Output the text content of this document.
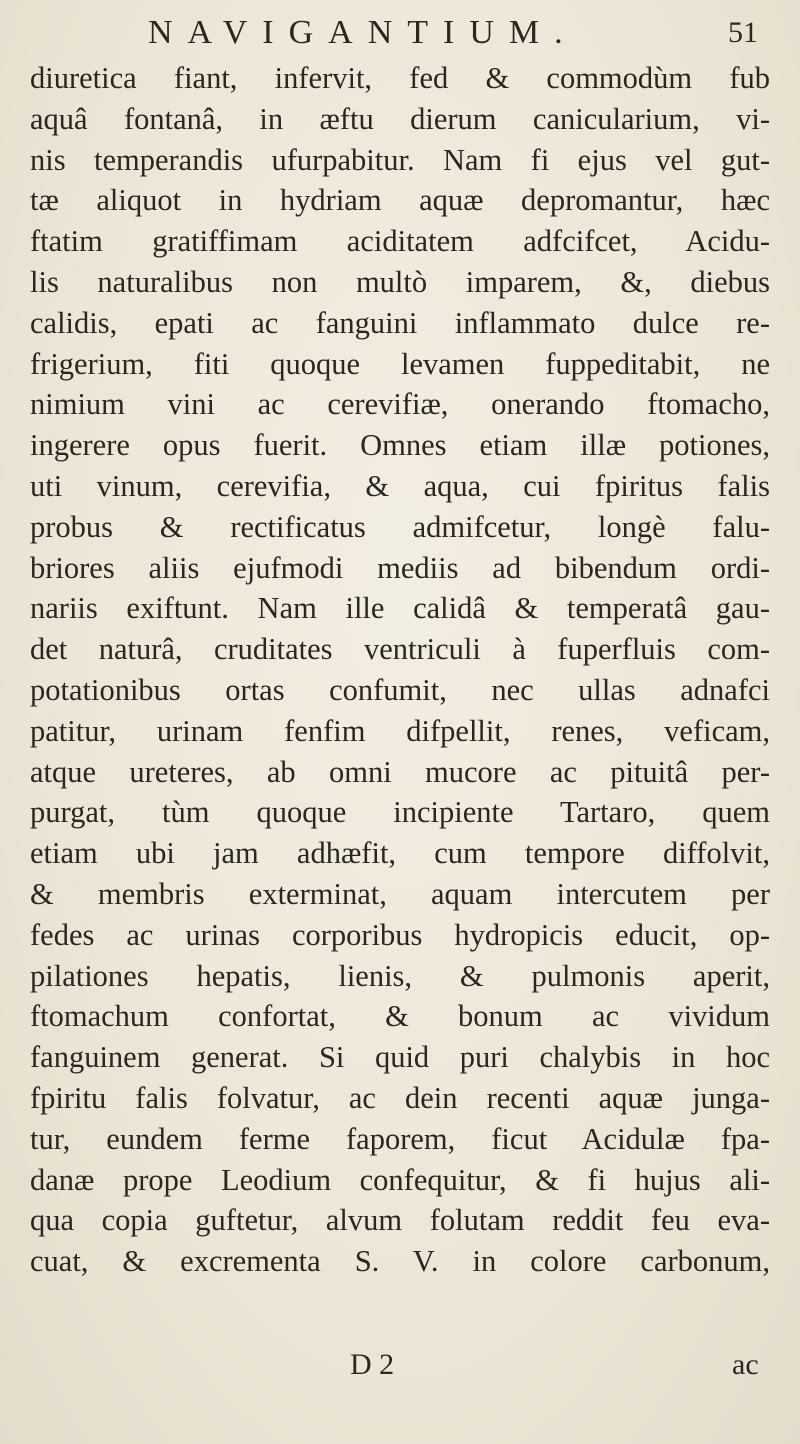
NAVIGANTIUM.	51
diuretica fiant, infervit, fed & commodùm fub
aquâ fontanâ, in æftu dierum canicularium, vi-
nis temperandis ufurpabitur. Nam fi ejus vel gut-
tæ aliquot in hydriam aquæ depromantur, hæc
ftatim gratiffimam aciditatem adfcifcet, Acidu-
lis naturalibus non multò imparem, &, diebus
calidis, epati ac fanguini inflammato dulce re-
frigerium, fiti quoque levamen fuppeditabit, ne
nimium vini ac cerevifiæ, onerando ftomacho,
ingerere opus fuerit. Omnes etiam illæ potiones,
uti vinum, cerevifia, & aqua, cui fpiritus falis
probus & rectificatus admifcetur, longè falu-
briores aliis ejufmodi mediis ad bibendum ordi-
nariis exiftunt. Nam ille calidâ & temperatâ gau-
det naturâ, cruditates ventriculi à fuperfluis com-
potationibus ortas confumit, nec ullas adnafci
patitur, urinam fenfim difpellit, renes, veficam,
atque ureteres, ab omni mucore ac pituitâ per-
purgat, tùm quoque incipiente Tartaro, quem
etiam ubi jam adhæfit, cum tempore diffolvit,
& membris exterminat, aquam intercutem per
fedes ac urinas corporibus hydropicis educit, op-
pilationes hepatis, lienis, & pulmonis aperit,
ftomachum confortat, & bonum ac vividum
fanguinem generat. Si quid puri chalybis in hoc
fpiritu falis folvatur, ac dein recenti aquæ junga-
tur, eundem ferme faporem, ficut Acidulæ fpa-
danæ prope Leodium confequitur, & fi hujus ali-
qua copia guftetur, alvum folutam reddit feu eva-
cuat, & excrementa S. V. in colore carbonum,
D 2	ac
